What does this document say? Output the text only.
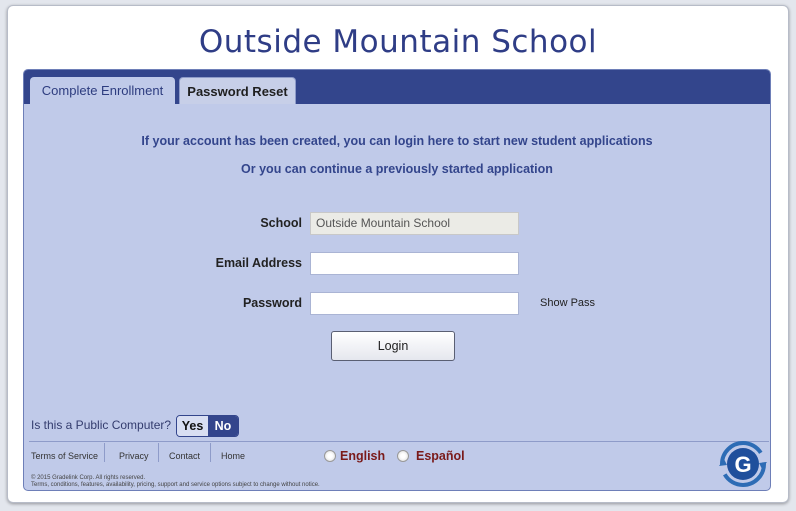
Outside Mountain School
Complete Enrollment	Password Reset
If your account has been created, you can login here to start new student applications
Or you can continue a previously started application
School	Outside Mountain School
Email Address
Password	Show Pass
Login
Is this a Public Computer? Yes No
Terms of Service Privacy Contact Home	English Español
© 2015 Gradelink Corp. All rights reserved.
Terms, conditions, features, availability, pricing, support and service options subject to change without notice.
G
